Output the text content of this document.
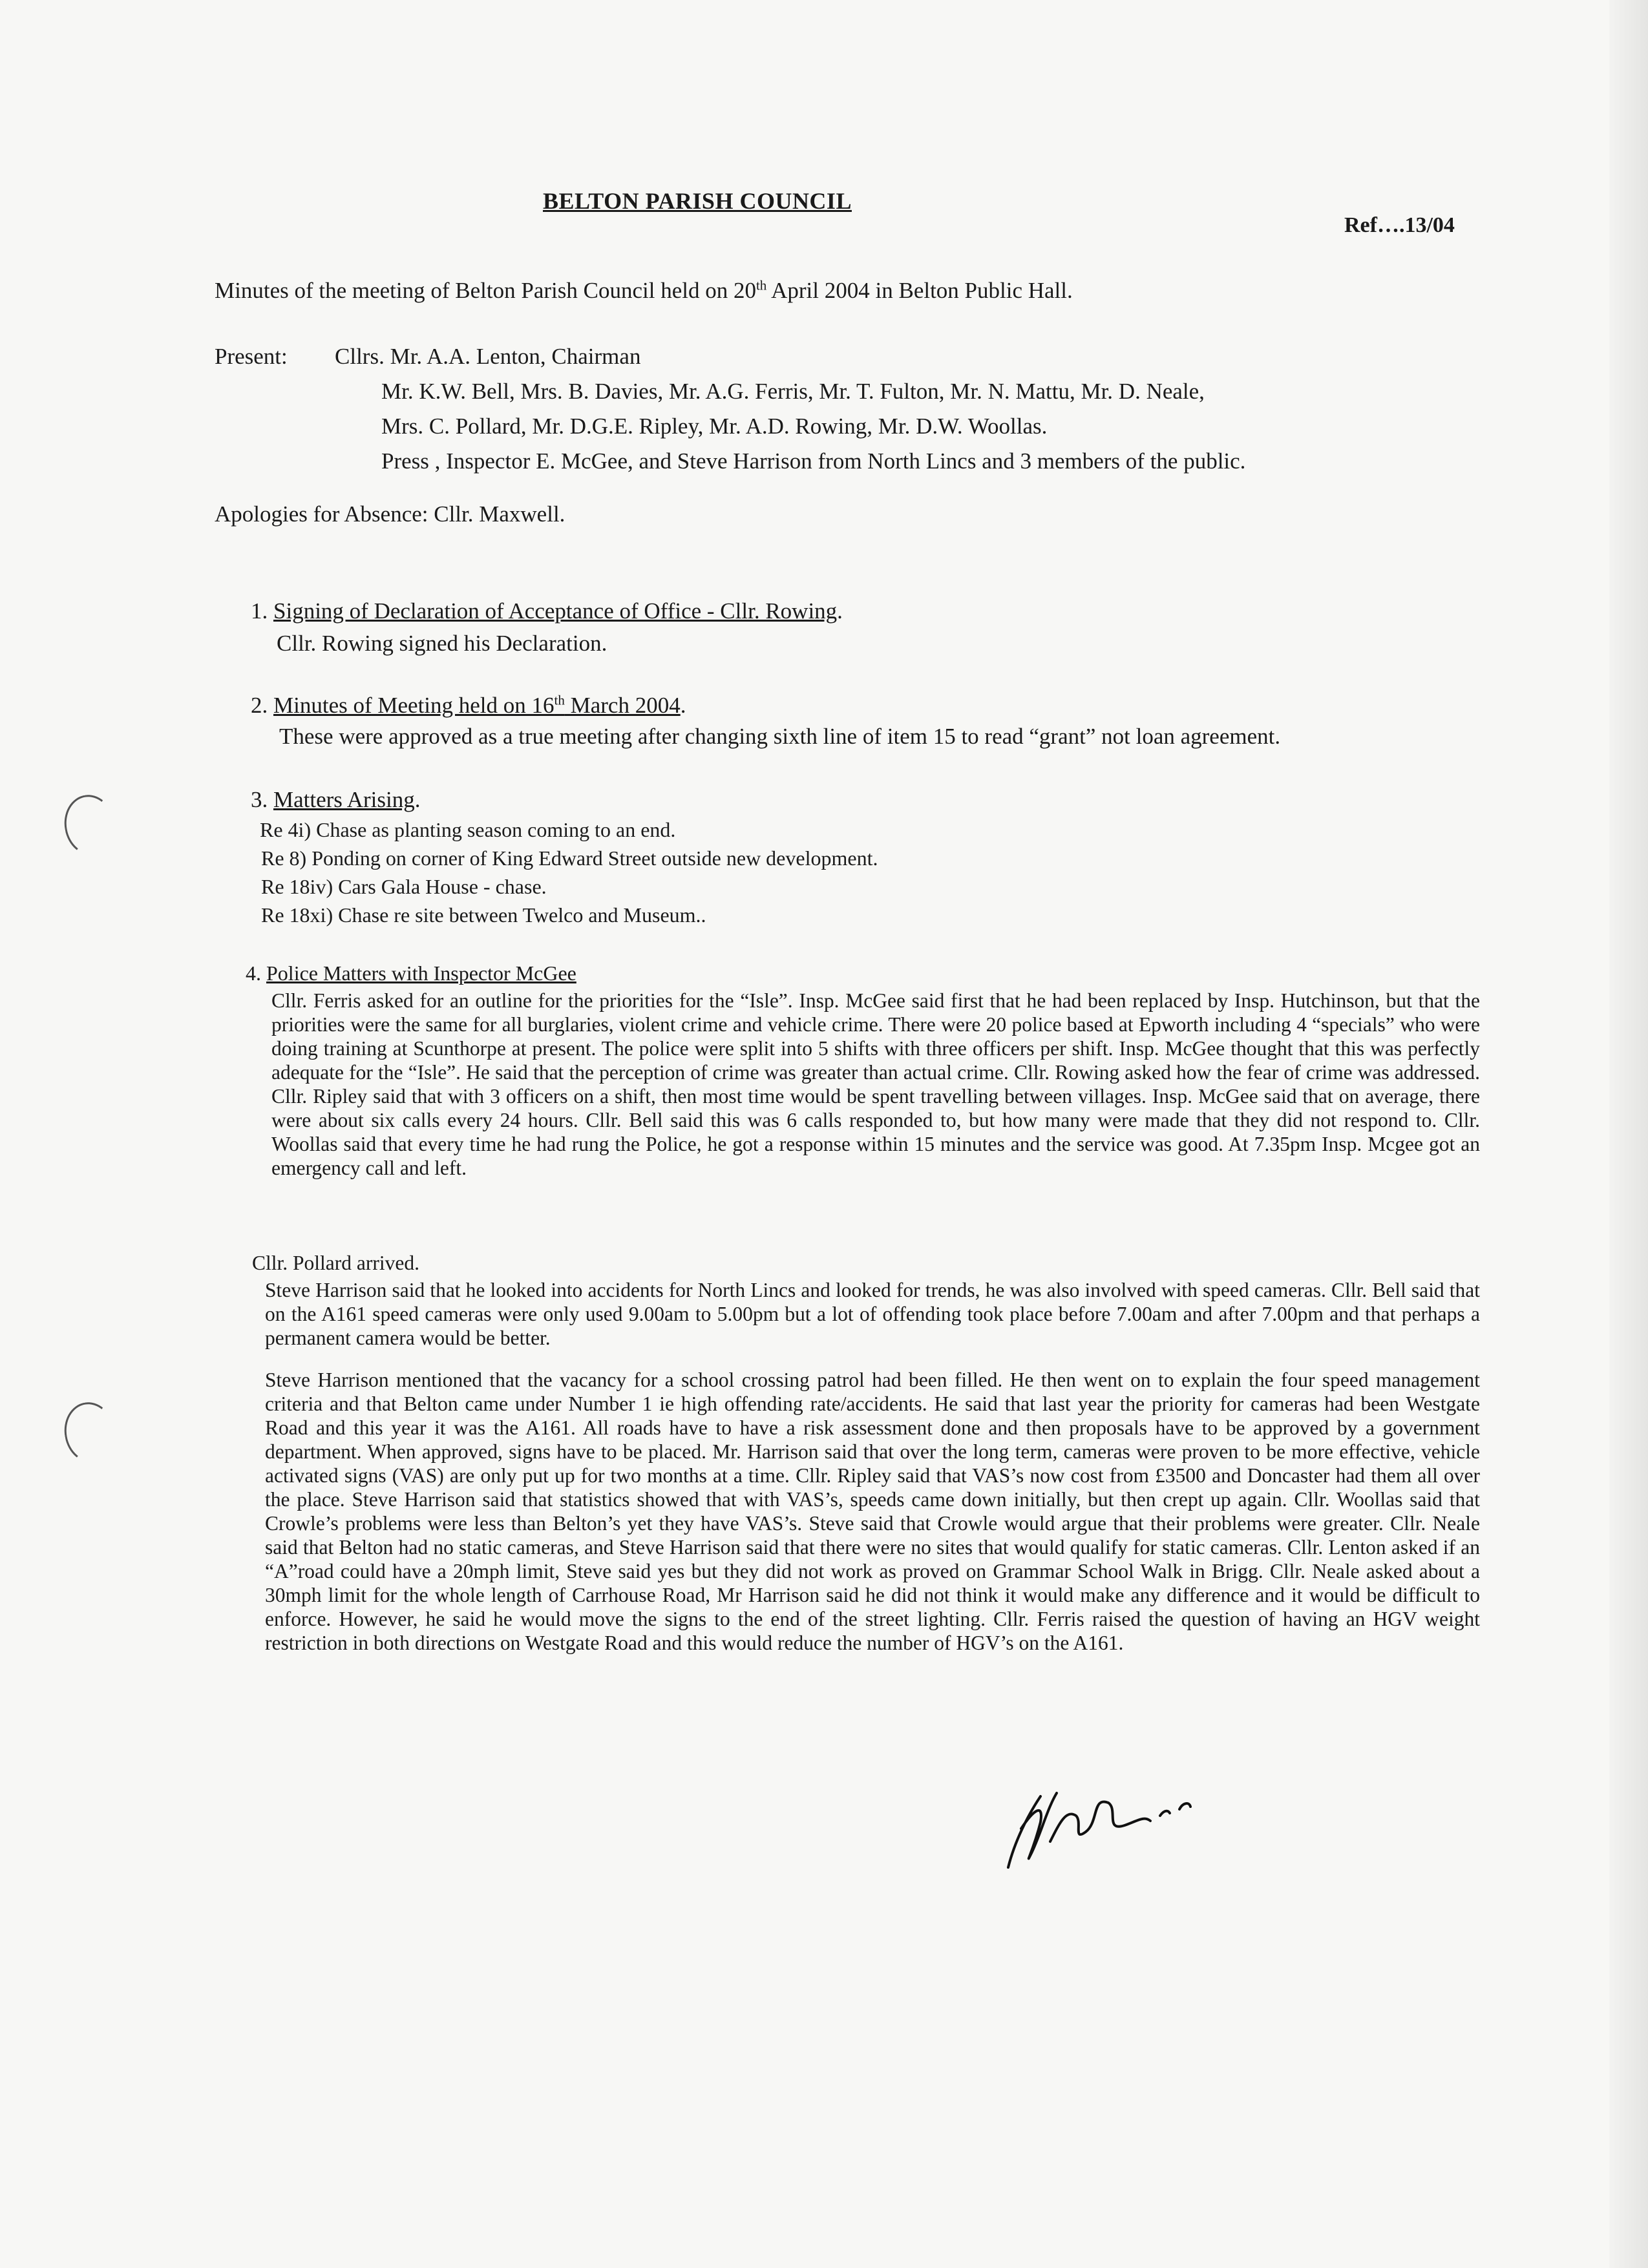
BELTON PARISH COUNCIL
Ref….13/04
Minutes of the meeting of Belton Parish Council held on 20th April 2004 in Belton Public Hall.
Present: Cllrs. Mr. A.A. Lenton, Chairman
Mr. K.W. Bell, Mrs. B. Davies, Mr. A.G. Ferris, Mr. T. Fulton, Mr. N. Mattu, Mr. D. Neale,
Mrs. C. Pollard, Mr. D.G.E. Ripley, Mr. A.D. Rowing, Mr. D.W. Woollas.
Press , Inspector E. McGee, and Steve Harrison from North Lincs and 3 members of the public.
Apologies for Absence: Cllr. Maxwell.
1. Signing of Declaration of Acceptance of Office - Cllr. Rowing.
Cllr. Rowing signed his Declaration.
2. Minutes of Meeting held on 16th March 2004.
These were approved as a true meeting after changing sixth line of item 15 to read “grant” not loan agreement.
3. Matters Arising.
Re 4i) Chase as planting season coming to an end.
Re 8) Ponding on corner of King Edward Street outside new development.
Re 18iv) Cars Gala House - chase.
Re 18xi) Chase re site between Twelco and Museum..
4. Police Matters with Inspector McGee
Cllr. Ferris asked for an outline for the priorities for the “Isle”. Insp. McGee said first that he had been replaced by Insp. Hutchinson, but that the priorities were the same for all burglaries, violent crime and vehicle crime. There were 20 police based at Epworth including 4 “specials” who were doing training at Scunthorpe at present. The police were split into 5 shifts with three officers per shift. Insp. McGee thought that this was perfectly adequate for the “Isle”. He said that the perception of crime was greater than actual crime. Cllr. Rowing asked how the fear of crime was addressed. Cllr. Ripley said that with 3 officers on a shift, then most time would be spent travelling between villages. Insp. McGee said that on average, there were about six calls every 24 hours. Cllr. Bell said this was 6 calls responded to, but how many were made that they did not respond to. Cllr. Woollas said that every time he had rung the Police, he got a response within 15 minutes and the service was good. At 7.35pm Insp. Mcgee got an emergency call and left.
Cllr. Pollard arrived.
Steve Harrison said that he looked into accidents for North Lincs and looked for trends, he was also involved with speed cameras. Cllr. Bell said that on the A161 speed cameras were only used 9.00am to 5.00pm but a lot of offending took place before 7.00am and after 7.00pm and that perhaps a permanent camera would be better.
Steve Harrison mentioned that the vacancy for a school crossing patrol had been filled. He then went on to explain the four speed management criteria and that Belton came under Number 1 ie high offending rate/accidents. He said that last year the priority for cameras had been Westgate Road and this year it was the A161. All roads have to have a risk assessment done and then proposals have to be approved by a government department. When approved, signs have to be placed. Mr. Harrison said that over the long term, cameras were proven to be more effective, vehicle activated signs (VAS) are only put up for two months at a time. Cllr. Ripley said that VAS’s now cost from £3500 and Doncaster had them all over the place. Steve Harrison said that statistics showed that with VAS’s, speeds came down initially, but then crept up again. Cllr. Woollas said that Crowle’s problems were less than Belton’s yet they have VAS’s. Steve said that Crowle would argue that their problems were greater. Cllr. Neale said that Belton had no static cameras, and Steve Harrison said that there were no sites that would qualify for static cameras. Cllr. Lenton asked if an “A”road could have a 20mph limit, Steve said yes but they did not work as proved on Grammar School Walk in Brigg. Cllr. Neale asked about a 30mph limit for the whole length of Carrhouse Road, Mr Harrison said he did not think it would make any difference and it would be difficult to enforce. However, he said he would move the signs to the end of the street lighting. Cllr. Ferris raised the question of having an HGV weight restriction in both directions on Westgate Road and this would reduce the number of HGV’s on the A161.
